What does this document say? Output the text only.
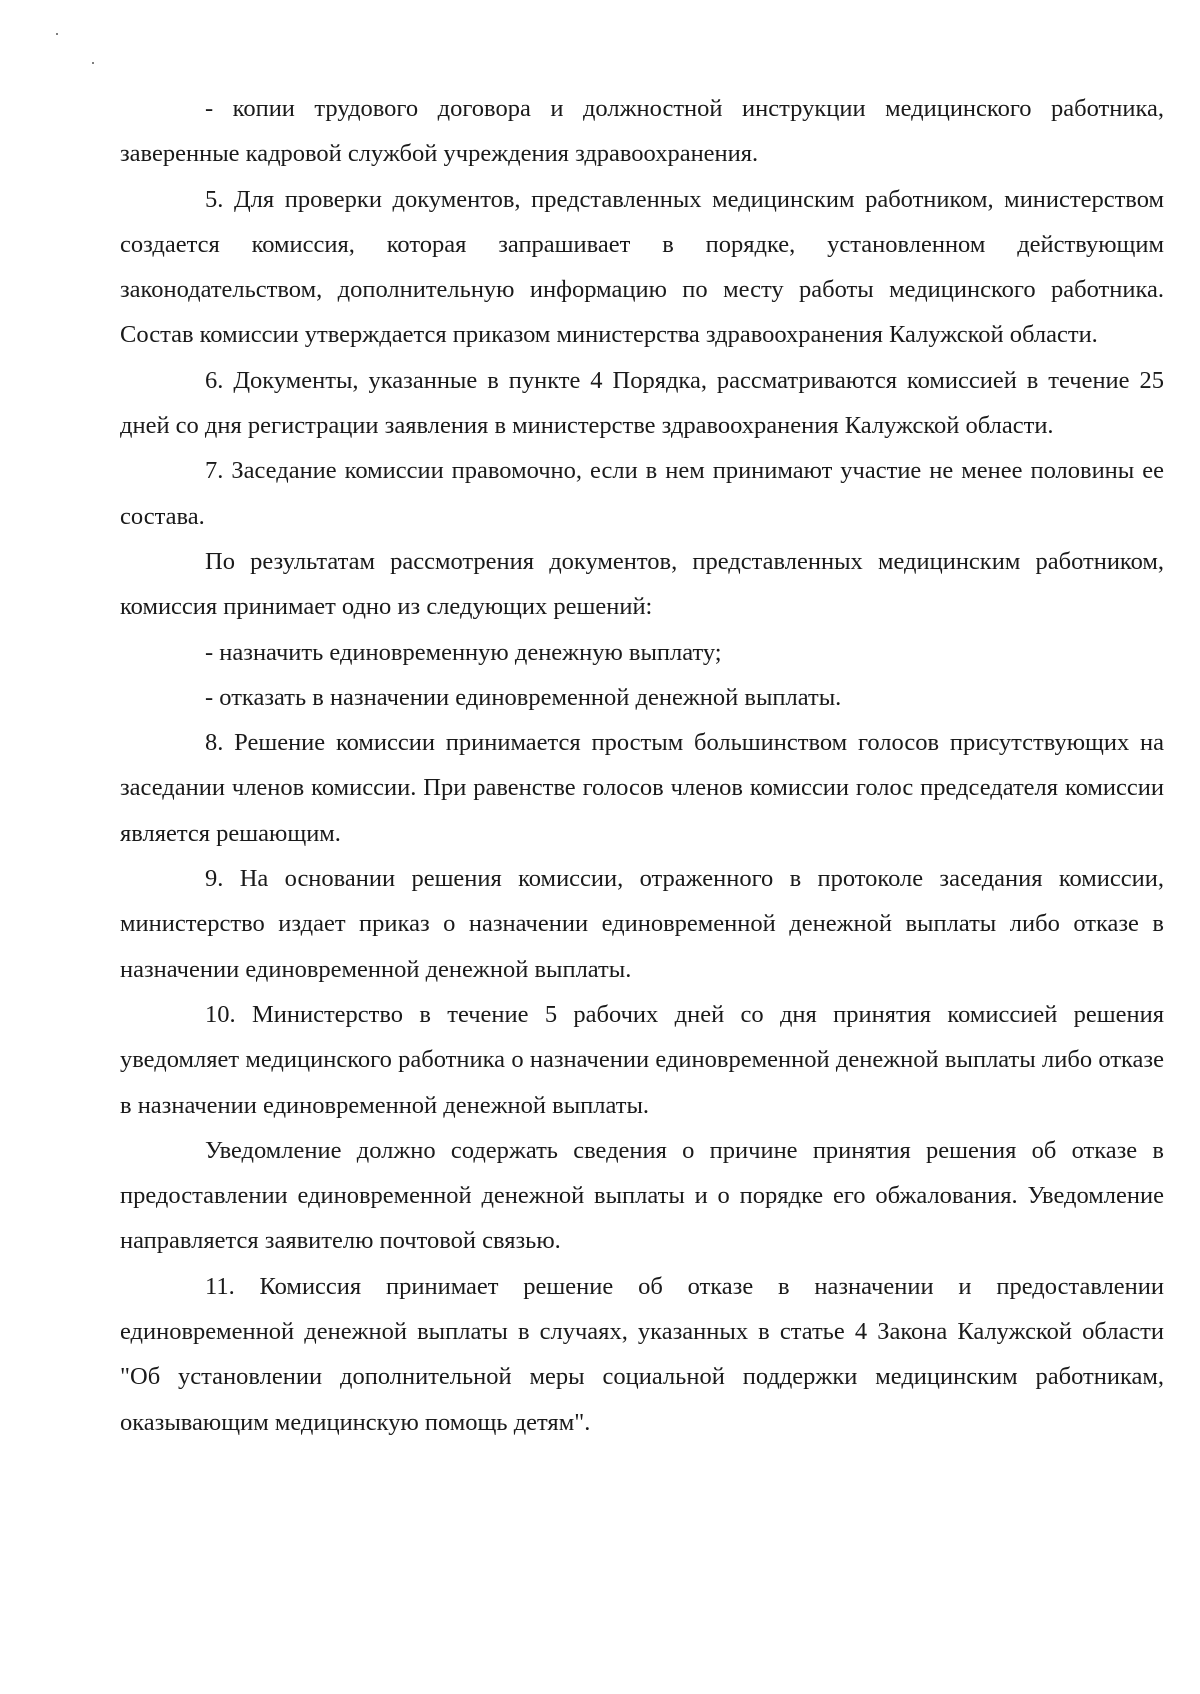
- копии трудового договора и должностной инструкции медицинского работника, заверенные кадровой службой учреждения здравоохранения.

5. Для проверки документов, представленных медицинским работником, министерством создается комиссия, которая запрашивает в порядке, установленном действующим законодательством, дополнительную информацию по месту работы медицинского работника. Состав комиссии утверждается приказом министерства здравоохранения Калужской области.

6. Документы, указанные в пункте 4 Порядка, рассматриваются комиссией в течение 25 дней со дня регистрации заявления в министерстве здравоохранения Калужской области.

7. Заседание комиссии правомочно, если в нем принимают участие не менее половины ее состава.

По результатам рассмотрения документов, представленных медицинским работником, комиссия принимает одно из следующих решений:

- назначить единовременную денежную выплату;

- отказать в назначении единовременной денежной выплаты.

8. Решение комиссии принимается простым большинством голосов присутствующих на заседании членов комиссии. При равенстве голосов членов комиссии голос председателя комиссии является решающим.

9. На основании решения комиссии, отраженного в протоколе заседания комиссии, министерство издает приказ о назначении единовременной денежной выплаты либо отказе в назначении единовременной денежной выплаты.

10. Министерство в течение 5 рабочих дней со дня принятия комиссией решения уведомляет медицинского работника о назначении единовременной денежной выплаты либо отказе в назначении единовременной денежной выплаты.

Уведомление должно содержать сведения о причине принятия решения об отказе в предоставлении единовременной денежной выплаты и о порядке его обжалования. Уведомление направляется заявителю почтовой связью.

11. Комиссия принимает решение об отказе в назначении и предоставлении единовременной денежной выплаты в случаях, указанных в статье 4 Закона Калужской области "Об установлении дополнительной меры социальной поддержки медицинским работникам, оказывающим медицинскую помощь детям".
